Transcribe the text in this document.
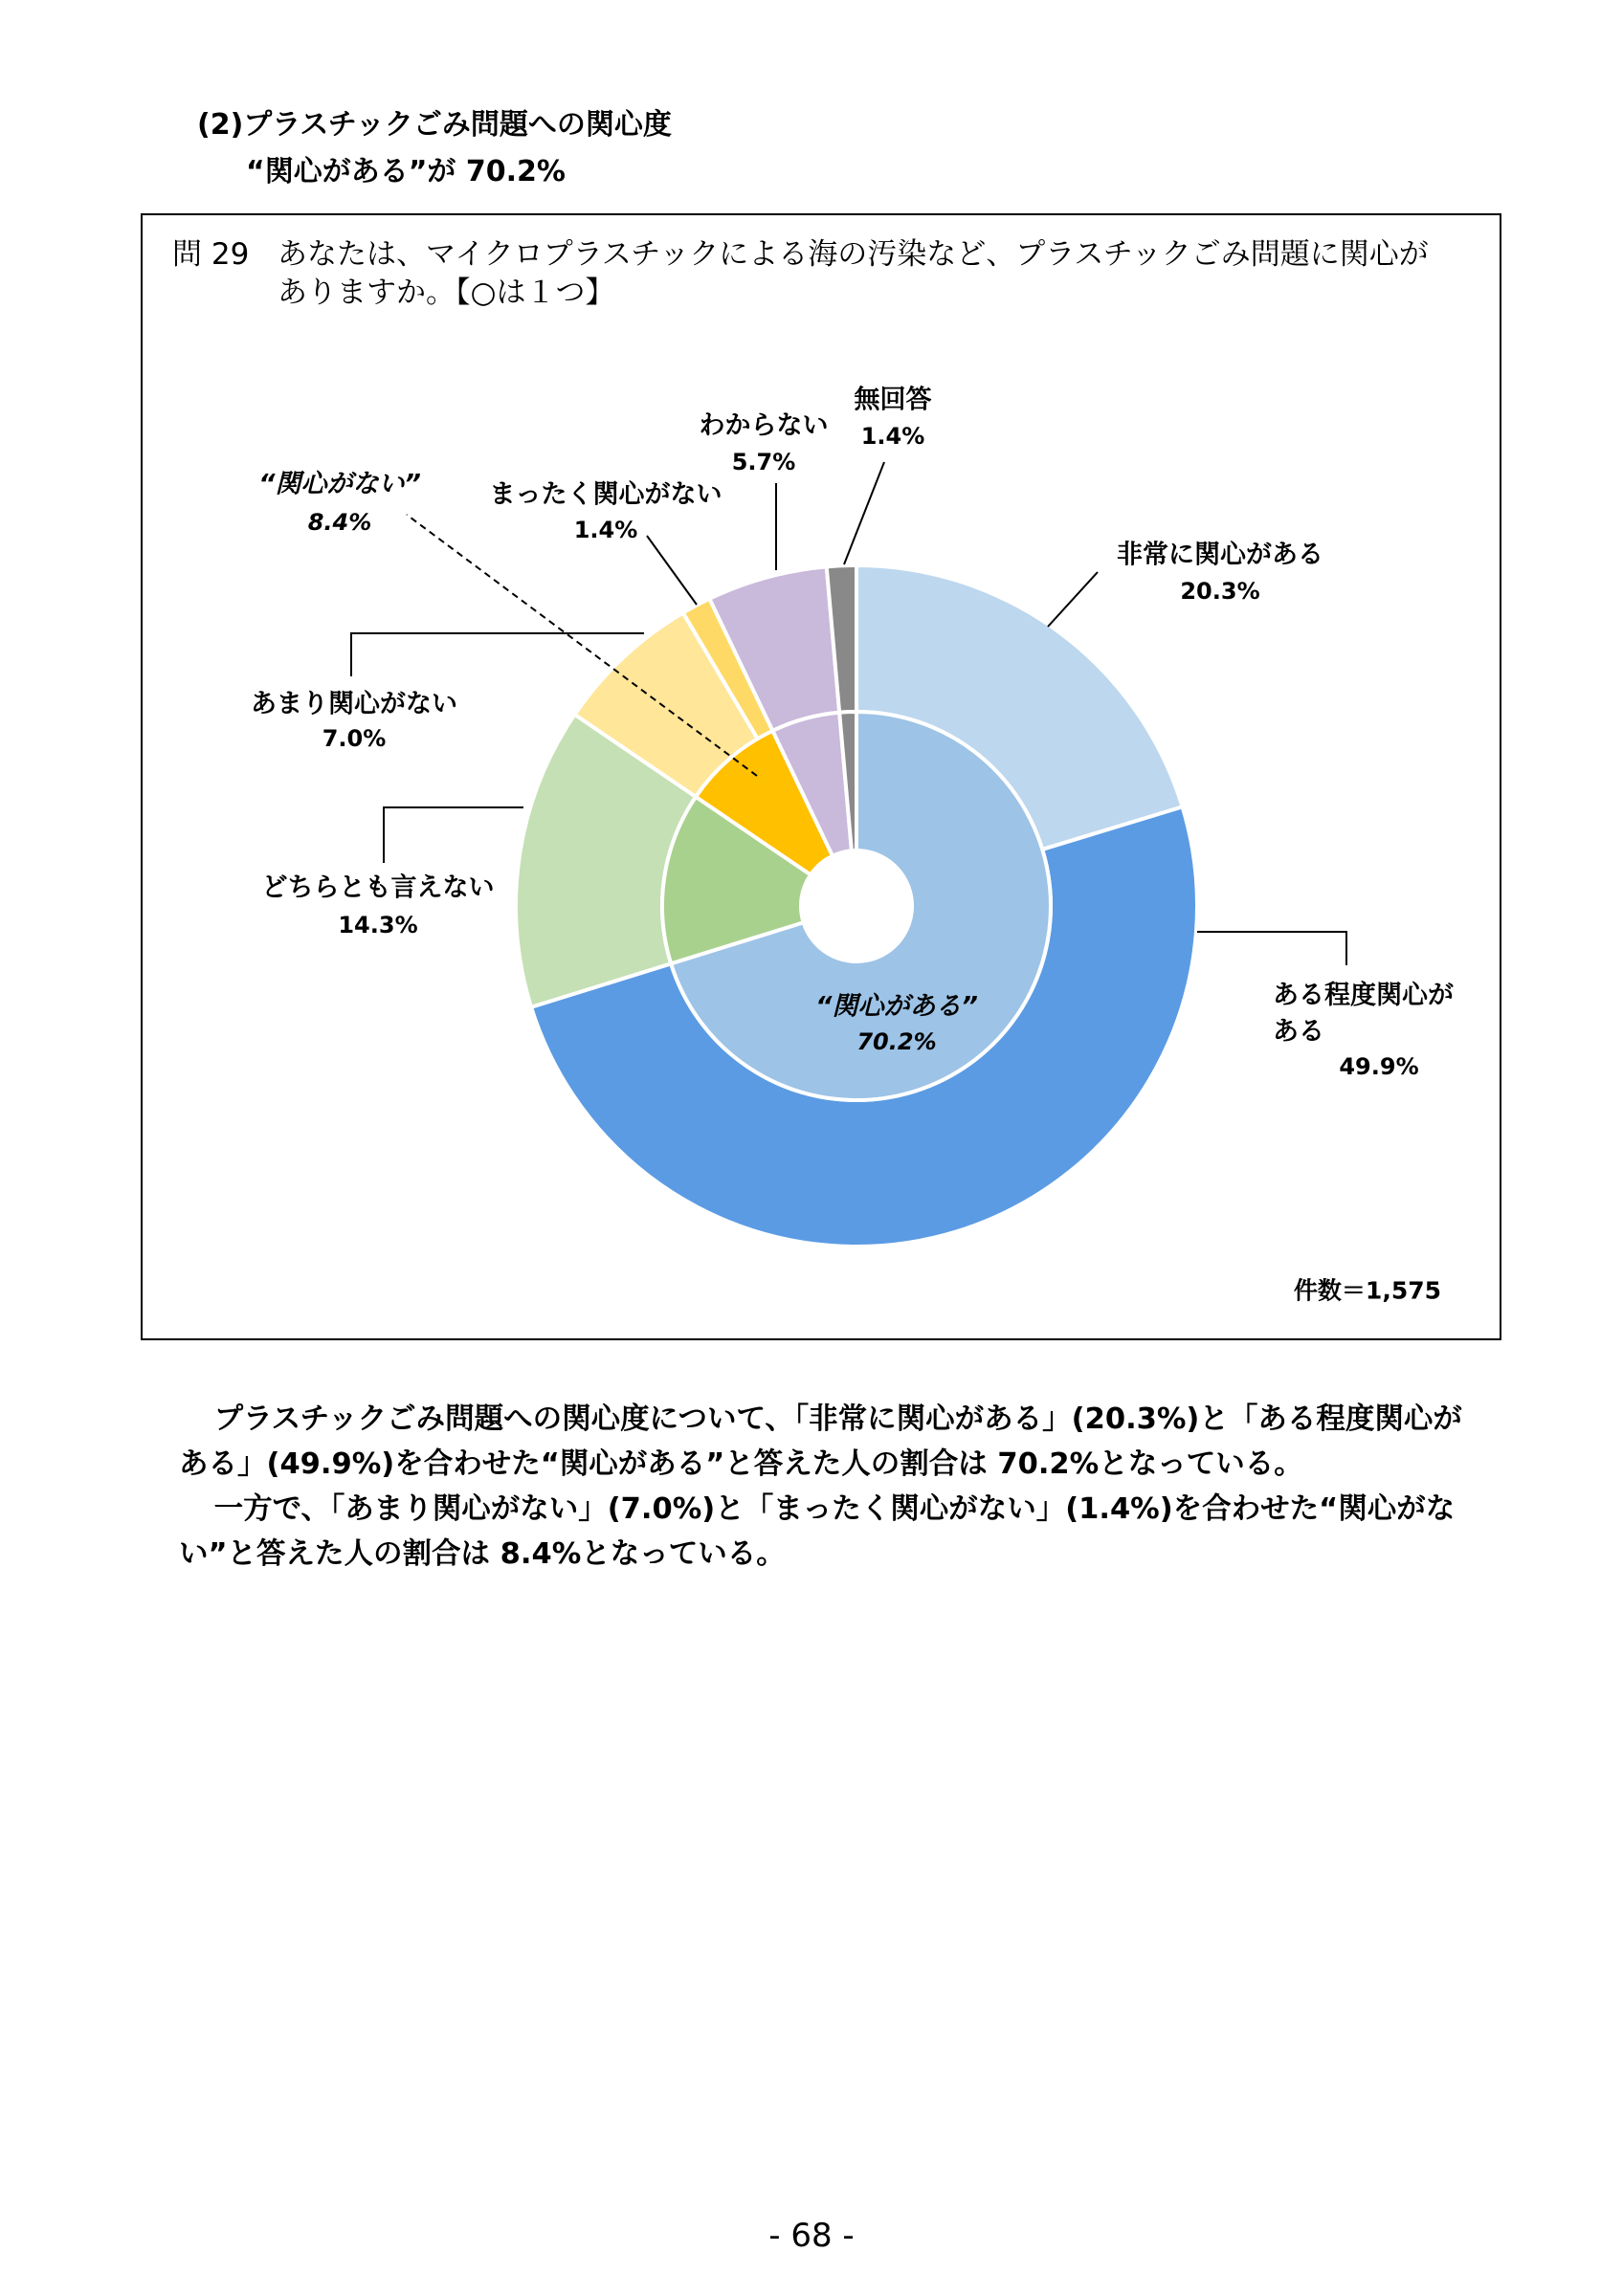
(2)プラスチックごみ問題への関心度
“関心がある”が 70.2%
非常に関心がある
20.3%
ある程度関心がある
49.9%
どちらとも言えない
14.3%
あまり関心がない
7.0%
まったく関心がない
1.4%
わからない
5.7%
無回答
1.4%
“関心がない”
8.4%
“関心がある”
70.2%
件数＝1,575
問 29 あなたは、マイクロプラスチックによる海の汚染など、プラスチックごみ問題に関心がありますか。【○は１つ】

プラスチックごみ問題への関心度について、「非常に関心がある」(20.3%)と「ある程度関心がある」(49.9%)を合わせた“関心がある”と答えた人の割合は 70.2%となっている。

一方で、「あまり関心がない」(7.0%)と「まったく関心がない」(1.4%)を合わせた“関心がない”と答えた人の割合は 8.4%となっている。

- 68 -
